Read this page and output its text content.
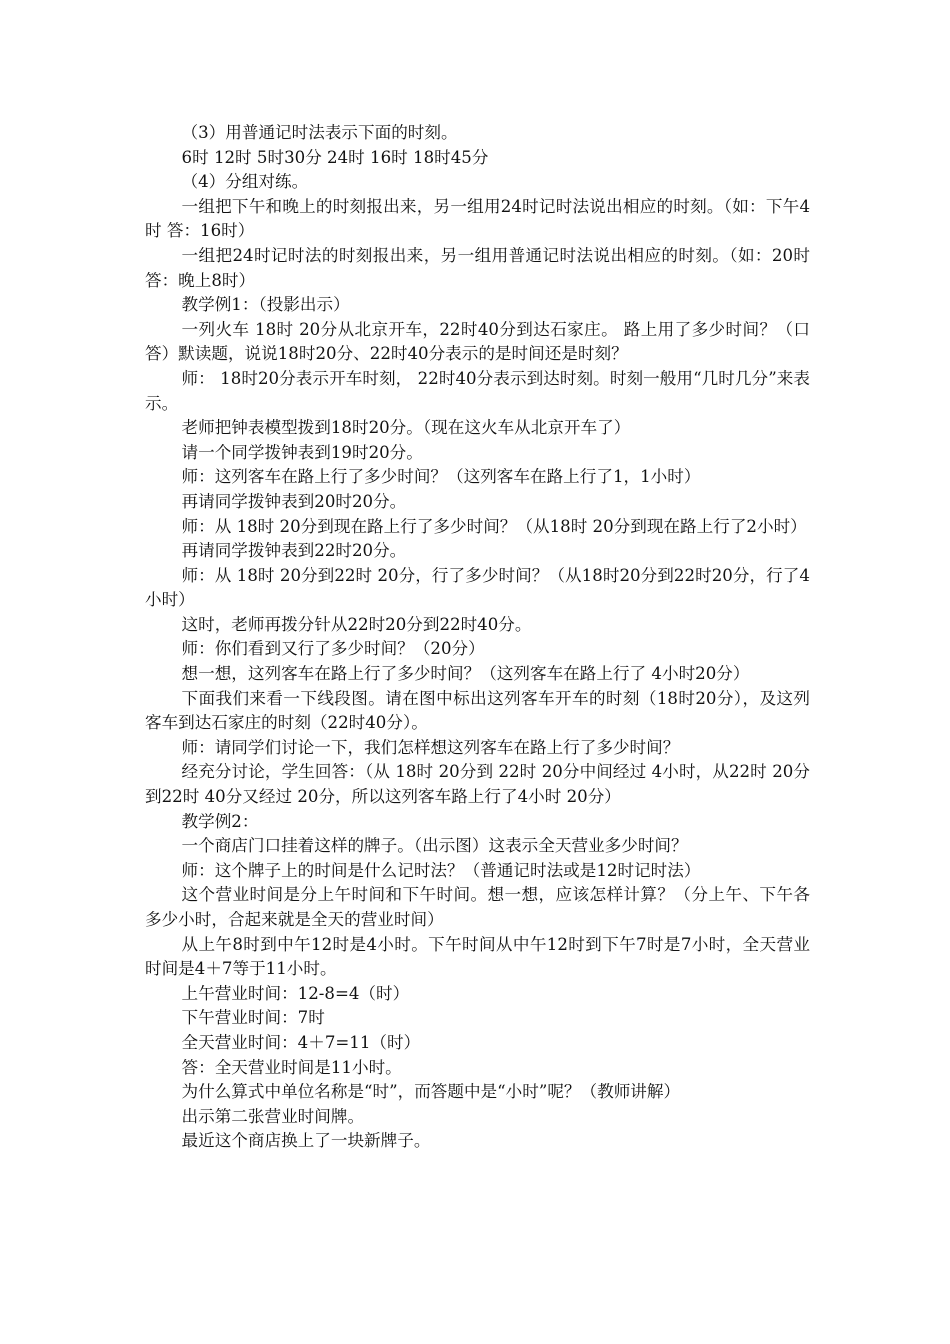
（3）用普通记时法表示下面的时刻。

6时 12时 5时30分 24时 16时 18时45分

（4）分组对练。

一组把下午和晚上的时刻报出来，另一组用24时记时法说出相应的时刻。（如：下午4时 答：16时）

一组把24时记时法的时刻报出来，另一组用普通记时法说出相应的时刻。（如：20时 答：晚上8时）

教学例1：（投影出示）

一列火车 18时 20分从北京开车，22时40分到达石家庄。 路上用了多少时间？（口答）默读题，说说18时20分、22时40分表示的是时间还是时刻？

师： 18时20分表示开车时刻， 22时40分表示到达时刻。时刻一般用“几时几分”来表示。

老师把钟表模型拨到18时20分。（现在这火车从北京开车了）

请一个同学拨钟表到19时20分。

师：这列客车在路上行了多少时间？（这列客车在路上行了1，1小时）

再请同学拨钟表到20时20分。

师：从 18时 20分到现在路上行了多少时间？（从18时 20分到现在路上行了2小时）

再请同学拨钟表到22时20分。

师：从 18时 20分到22时 20分，行了多少时间？（从18时20分到22时20分，行了4小时）

这时，老师再拨分针从22时20分到22时40分。

师：你们看到又行了多少时间？（20分）

想一想，这列客车在路上行了多少时间？（这列客车在路上行了 4小时20分）

下面我们来看一下线段图。请在图中标出这列客车开车的时刻（18时20分），及这列客车到达石家庄的时刻（22时40分）。

师：请同学们讨论一下，我们怎样想这列客车在路上行了多少时间？

经充分讨论，学生回答：（从 18时 20分到 22时 20分中间经过 4小时，从22时 20分到22时 40分又经过 20分，所以这列客车路上行了4小时 20分）

教学例2：

一个商店门口挂着这样的牌子。（出示图）这表示全天营业多少时间？

师：这个牌子上的时间是什么记时法？（普通记时法或是12时记时法）

这个营业时间是分上午时间和下午时间。想一想，应该怎样计算？（分上午、下午各多少小时，合起来就是全天的营业时间）

从上午8时到中午12时是4小时。下午时间从中午12时到下午7时是7小时，全天营业时间是4＋7等于11小时。

上午营业时间：12-8=4（时）

下午营业时间：7时

全天营业时间：4＋7=11（时）

答：全天营业时间是11小时。

为什么算式中单位名称是“时”，而答题中是“小时”呢？（教师讲解）

出示第二张营业时间牌。

最近这个商店换上了一块新牌子。
